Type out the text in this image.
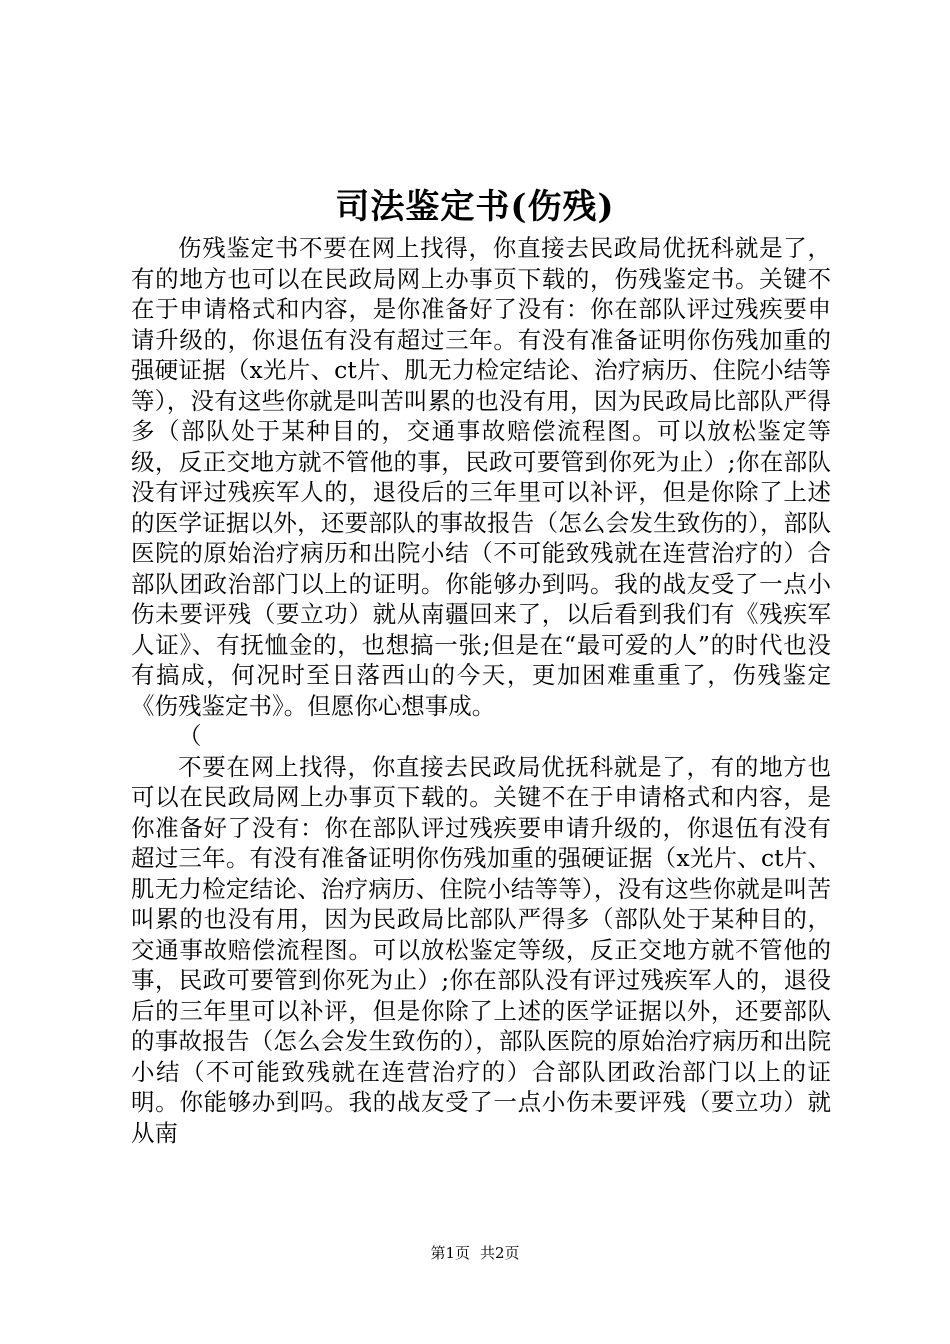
司法鉴定书(伤残)

伤残鉴定书不要在网上找得，你直接去民政局优抚科就是了，有的地方也可以在民政局网上办事页下载的，伤残鉴定书。关键不在于申请格式和内容，是你准备好了没有：你在部队评过残疾要申请升级的，你退伍有没有超过三年。有没有准备证明你伤残加重的强硬证据（x光片、ct片、肌无力检定结论、治疗病历、住院小结等等），没有这些你就是叫苦叫累的也没有用，因为民政局比部队严得多（部队处于某种目的，交通事故赔偿流程图。可以放松鉴定等级，反正交地方就不管他的事，民政可要管到你死为止）;你在部队没有评过残疾军人的，退役后的三年里可以补评，但是你除了上述的医学证据以外，还要部队的事故报告（怎么会发生致伤的），部队医院的原始治疗病历和出院小结（不可能致残就在连营治疗的）合部队团政治部门以上的证明。你能够办到吗。我的战友受了一点小伤未要评残（要立功）就从南疆回来了，以后看到我们有《残疾军人证》、有抚恤金的，也想搞一张;但是在“最可爱的人”的时代也没有搞成，何况时至日落西山的今天，更加困难重重了，伤残鉴定《伤残鉴定书》。但愿你心想事成。

（

不要在网上找得，你直接去民政局优抚科就是了，有的地方也可以在民政局网上办事页下载的。关键不在于申请格式和内容，是你准备好了没有：你在部队评过残疾要申请升级的，你退伍有没有超过三年。有没有准备证明你伤残加重的强硬证据（x光片、ct片、肌无力检定结论、治疗病历、住院小结等等），没有这些你就是叫苦叫累的也没有用，因为民政局比部队严得多（部队处于某种目的，交通事故赔偿流程图。可以放松鉴定等级，反正交地方就不管他的事，民政可要管到你死为止）;你在部队没有评过残疾军人的，退役后的三年里可以补评，但是你除了上述的医学证据以外，还要部队的事故报告（怎么会发生致伤的），部队医院的原始治疗病历和出院小结（不可能致残就在连营治疗的）合部队团政治部门以上的证明。你能够办到吗。我的战友受了一点小伤未要评残（要立功）就从南

第1页 共2页
